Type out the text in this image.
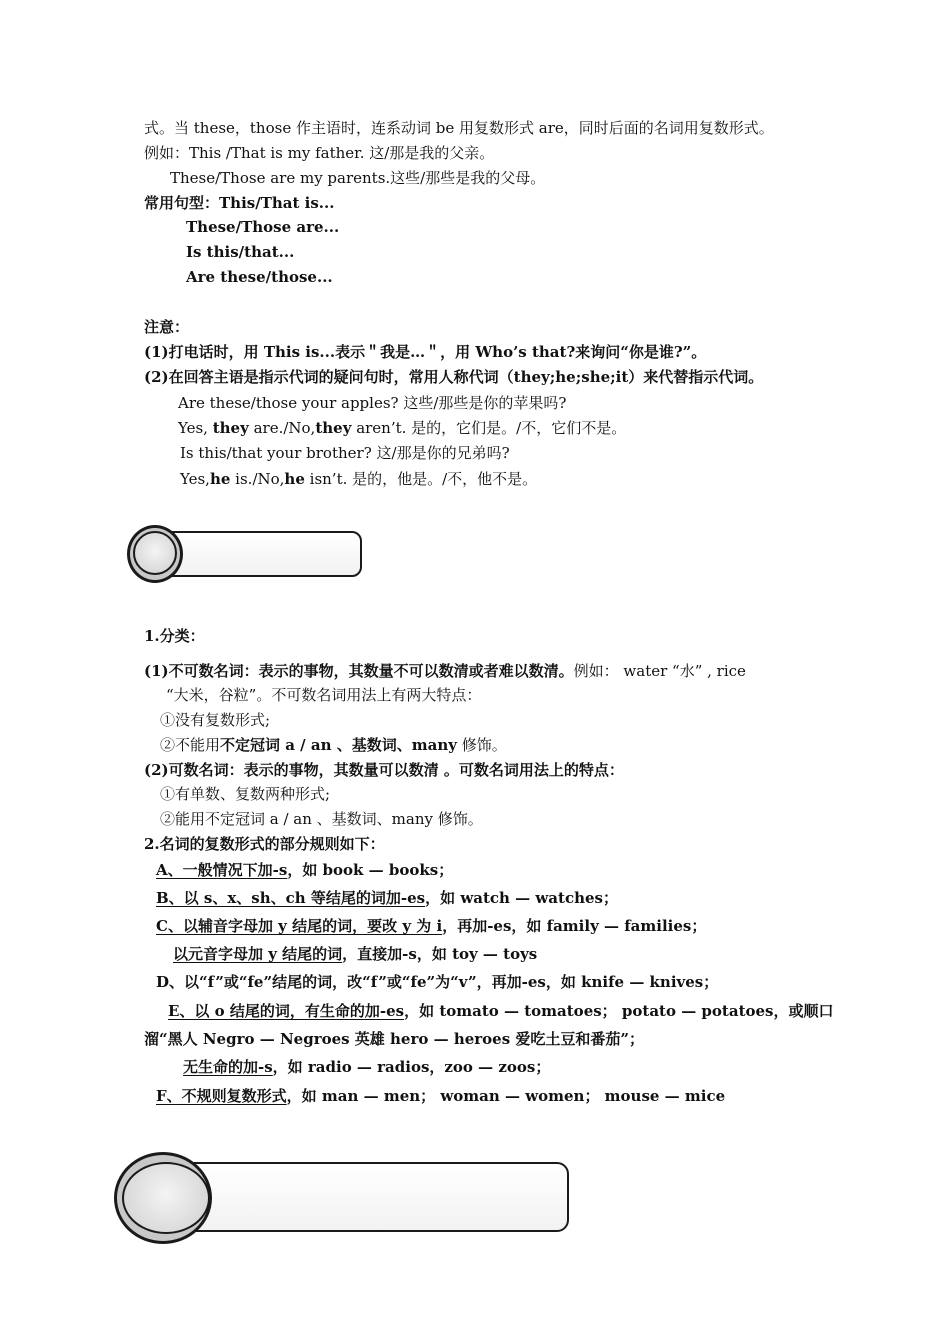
式。当 these，those 作主语时，连系动词 be 用复数形式 are，同时后面的名词用复数形式。
例如：This /That is my father. 这/那是我的父亲。
These/Those are my parents.这些/那些是我的父母。
常用句型：This/That is...
These/Those are...
Is this/that...
Are these/those...
注意：
(1)打电话时，用 This is...表示＂我是…＂，用 Who’s that?来询问“你是谁?”。
(2)在回答主语是指示代词的疑问句时，常用人称代词（they;he;she;it）来代替指示代词。
Are these/those your apples? 这些/那些是你的苹果吗?
Yes, they are./No,they aren’t. 是的，它们是。/不，它们不是。
Is this/that your brother? 这/那是你的兄弟吗?
Yes,he is./No,he isn’t. 是的，他是。/不，他不是。
1.分类：
(1)不可数名词：表示的事物，其数量不可以数清或者难以数清。例如： water “水” , rice
“大米，谷粒”。不可数名词用法上有两大特点：
①没有复数形式;
②不能用不定冠词 a / an 、基数词、many 修饰。
(2)可数名词：表示的事物，其数量可以数清 。可数名词用法上的特点：
①有单数、复数两种形式;
②能用不定冠词 a / an 、基数词、many 修饰。
2.名词的复数形式的部分规则如下：
A、一般情况下加-s，如 book — books；
B、以 s、x、sh、ch 等结尾的词加-es，如 watch — watches；
C、以辅音字母加 y 结尾的词，要改 y 为 i，再加-es，如 family — families；
以元音字母加 y 结尾的词，直接加-s，如 toy — toys
D、以“f”或“fe”结尾的词，改“f”或“fe”为“v”，再加-es，如 knife — knives；
E、以 o 结尾的词，有生命的加-es，如 tomato — tomatoes； potato — potatoes，或顺口
溜“黑人 Negro — Negroes 英雄 hero — heroes 爱吃土豆和番茄”；
无生命的加-s，如 radio — radios，zoo — zoos；
F、不规则复数形式，如 man — men； woman — women； mouse — mice
